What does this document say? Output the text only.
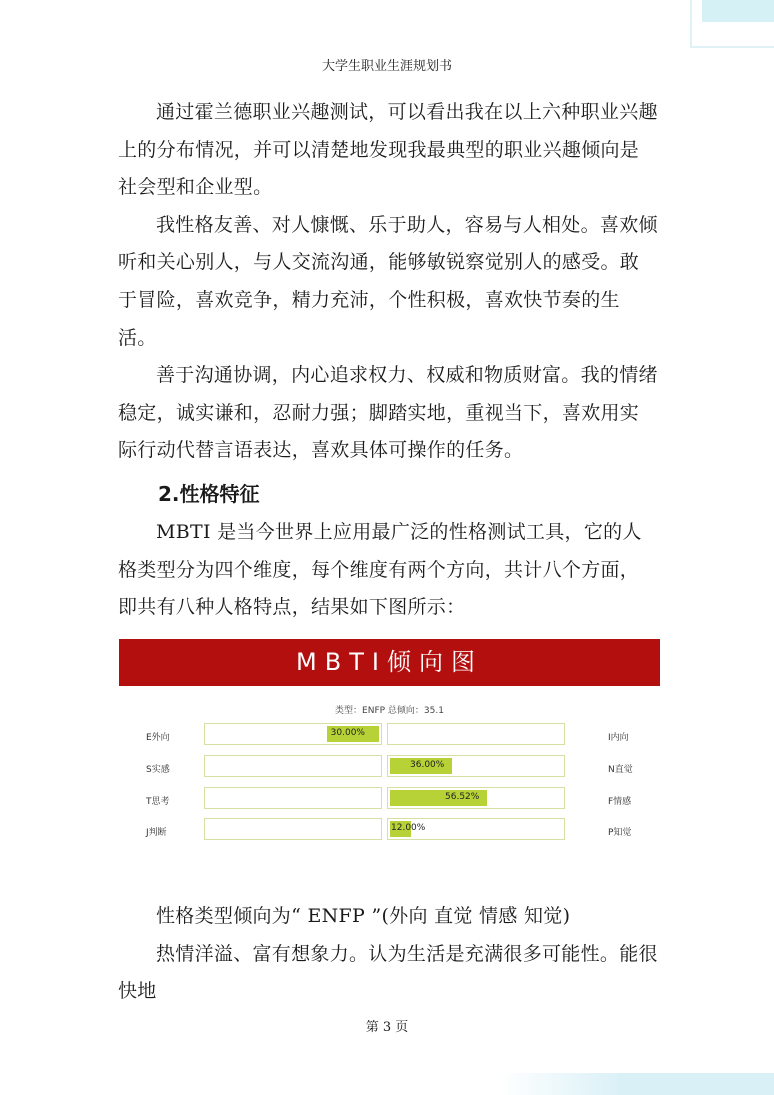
大学生职业生涯规划书

通过霍兰德职业兴趣测试，可以看出我在以上六种职业兴趣上的分布情况，并可以清楚地发现我最典型的职业兴趣倾向是社会型和企业型。

我性格友善、对人慷慨、乐于助人，容易与人相处。喜欢倾听和关心别人，与人交流沟通，能够敏锐察觉别人的感受。敢于冒险，喜欢竞争，精力充沛，个性积极，喜欢快节奏的生活。

善于沟通协调，内心追求权力、权威和物质财富。我的情绪稳定，诚实谦和，忍耐力强；脚踏实地，重视当下，喜欢用实际行动代替言语表达，喜欢具体可操作的任务。

2.性格特征

MBTI 是当今世界上应用最广泛的性格测试工具，它的人格类型分为四个维度，每个维度有两个方向，共计八个方面，即共有八种人格特点，结果如下图所示：

MBTI倾向图
类型：ENFP 总倾向：35.1
E外向	30.00%	I内向
S实感	36.00%	N直觉
T思考	56.52%	F情感
J判断	12.00%	P知觉

性格类型倾向为“ ENFP ”(外向 直觉 情感 知觉)

热情洋溢、富有想象力。认为生活是充满很多可能性。能很快地

第 3 页
